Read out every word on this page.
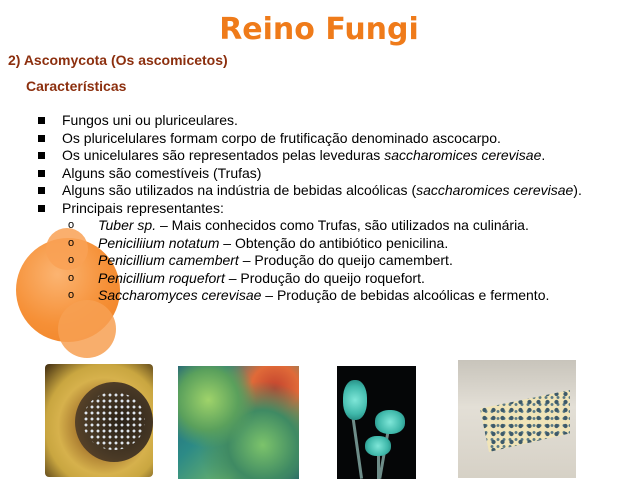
Reino Fungi
2) Ascomycota (Os ascomicetos)
Características
Fungos uni ou pluriceulares.
Os pluricelulares formam corpo de frutificação denominado ascocarpo.
Os unicelulares são representados pelas leveduras saccharomices cerevisae.
Alguns são comestíveis (Trufas)
Alguns são utilizados na indústria de bebidas alcoólicas (saccharomices cerevisae).
Principais representantes:
o Tuber sp. – Mais conhecidos como Trufas, são utilizados na culinária.
o Peniciliium notatum – Obtenção do antibiótico penicilina.
o Penicillium camembert – Produção do queijo camembert.
o Penicillium roquefort – Produção do queijo roquefort.
o Saccharomyces cerevisae – Produção de bebidas alcoólicas e fermento.
